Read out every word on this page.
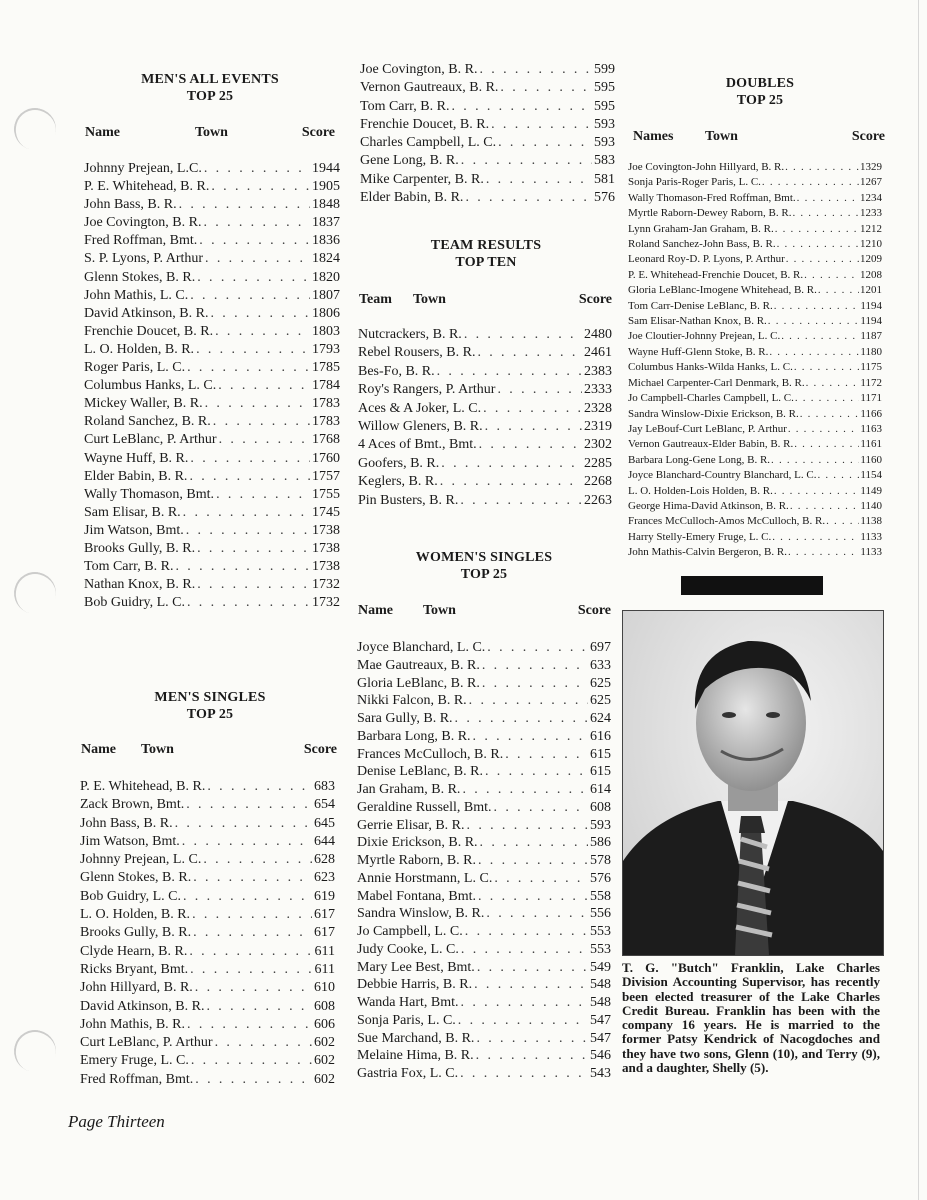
MEN'S ALL EVENTS
TOP 25
Name	Town	Score
Johnny Prejean, L.C. . . .	1944
P. E. Whitehead, B. R. . . .	1905
John Bass, B. R. . . .	1848
Joe Covington, B. R. . . .	1837
Fred Roffman, Bmt. . . .	1836
S. P. Lyons, P. Arthur . . .	1824
Glenn Stokes, B. R. . . .	1820
John Mathis, L. C. . . .	1807
David Atkinson, B. R. . . .	1806
Frenchie Doucet, B. R. . . .	1803
L. O. Holden, B. R. . . .	1793
Roger Paris, L. C. . . .	1785
Columbus Hanks, L. C. . . .	1784
Mickey Waller, B. R. . . .	1783
Roland Sanchez, B. R. . . .	1783
Curt LeBlanc, P. Arthur . . .	1768
Wayne Huff, B. R. . . .	1760
Elder Babin, B. R. . . .	1757
Wally Thomason, Bmt. . . .	1755
Sam Elisar, B. R. . . .	1745
Jim Watson, Bmt. . . .	1738
Brooks Gully, B. R. . . .	1738
Tom Carr, B. R. . . .	1738
Nathan Knox, B. R. . . .	1732
Bob Guidry, L. C. . . .	1732
MEN'S SINGLES
TOP 25
Name Town	Score
P. E. Whitehead, B. R. . . .	683
Zack Brown, Bmt. . . .	654
John Bass, B. R. . . .	645
Jim Watson, Bmt. . . .	644
Johnny Prejean, L. C. . . .	628
Glenn Stokes, B. R. . . .	623
Bob Guidry, L. C. . . .	619
L. O. Holden, B. R. . . .	617
Brooks Gully, B. R. . . .	617
Clyde Hearn, B. R. . . .	611
Ricks Bryant, Bmt. . . .	611
John Hillyard, B. R. . . .	610
David Atkinson, B. R. . . .	608
John Mathis, B. R. . . .	606
Curt LeBlanc, P. Arthur . . .	602
Emery Fruge, L. C. . . .	602
Fred Roffman, Bmt. . . .	602
Joe Covington, B. R. . . .	599
Vernon Gautreaux, B. R. . . .	595
Tom Carr, B. R. . . .	595
Frenchie Doucet, B. R. . . .	593
Charles Campbell, L. C. . . .	593
Gene Long, B. R. . . .	583
Mike Carpenter, B. R. . . .	581
Elder Babin, B. R. . . .	576
TEAM RESULTS
TOP TEN
Team Town	Score
Nutcrackers, B. R. . . .	2480
Rebel Rousers, B. R. . . .	2461
Bes-Fo, B. R. . . .	2383
Roy's Rangers, P. Arthur . . .	2333
Aces & A Joker, L. C. . . .	2328
Willow Gleners, B. R. . . .	2319
4 Aces of Bmt., Bmt. . . .	2302
Goofers, B. R. . . .	2285
Keglers, B. R. . . .	2268
Pin Busters, B. R. . . .	2263
WOMEN'S SINGLES
TOP 25
Name Town	Score
Joyce Blanchard, L. C. . . .	697
Mae Gautreaux, B. R. . . .	633
Gloria LeBlanc, B. R. . . .	625
Nikki Falcon, B. R. . . .	625
Sara Gully, B. R. . . .	624
Barbara Long, B. R. . . .	616
Frances McCulloch, B. R. . . .	615
Denise LeBlanc, B. R. . . .	615
Jan Graham, B. R. . . .	614
Geraldine Russell, Bmt. . . .	608
Gerrie Elisar, B. R. . . .	593
Dixie Erickson, B. R. . . .	586
Myrtle Raborn, B. R. . . .	578
Annie Horstmann, L. C. . . .	576
Mabel Fontana, Bmt. . . .	558
Sandra Winslow, B. R. . . .	556
Jo Campbell, L. C. . . .	553
Judy Cooke, L. C. . . .	553
Mary Lee Best, Bmt. . . .	549
Debbie Harris, B. R. . . .	548
Wanda Hart, Bmt. . . .	548
Sonja Paris, L. C. . . .	547
Sue Marchand, B. R. . . .	547
Melaine Hima, B. R. . . .	546
Gastria Fox, L. C. . . .	543
DOUBLES
TOP 25
Names Town	Score
Joe Covington-John Hillyard, B. R. . . .	1329
Sonja Paris-Roger Paris, L. C. . . .	1267
Wally Thomason-Fred Roffman, Bmt. . . .	1234
Myrtle Raborn-Dewey Raborn, B. R. . . .	1233
Lynn Graham-Jan Graham, B. R. . . .	1212
Roland Sanchez-John Bass, B. R. . . .	1210
Leonard Roy-D. P. Lyons, P. Arthur . . .	1209
P. E. Whitehead-Frenchie Doucet, B. R. . . .	1208
Gloria LeBlanc-Imogene Whitehead, B. R. . . .	1201
Tom Carr-Denise LeBlanc, B. R. . . .	1194
Sam Elisar-Nathan Knox, B. R. . . .	1194
Joe Cloutier-Johnny Prejean, L. C. . . .	1187
Wayne Huff-Glenn Stoke, B. R. . . .	1180
Columbus Hanks-Wilda Hanks, L. C. . . .	1175
Michael Carpenter-Carl Denmark, B. R. . . .	1172
Jo Campbell-Charles Campbell, L. C. . . .	1171
Sandra Winslow-Dixie Erickson, B. R. . . .	1166
Jay LeBouf-Curt LeBlanc, P. Arthur . . .	1163
Vernon Gautreaux-Elder Babin, B. R. . . .	1161
Barbara Long-Gene Long, B. R. . . .	1160
Joyce Blanchard-Country Blanchard, L. C. . . .	1154
L. O. Holden-Lois Holden, B. R. . . .	1149
George Hima-David Atkinson, B. R. . . .	1140
Frances McCulloch-Amos McCulloch, B. R. . . .	1138
Harry Stelly-Emery Fruge, L. C. . . .	1133
John Mathis-Calvin Bergeron, B. R. . . .	1133
T. G. "Butch" Franklin, Lake Charles Division Accounting Supervisor, has recently been elected treasurer of the Lake Charles Credit Bureau. Franklin has been with the company 16 years. He is married to the former Patsy Kendrick of Nacogdoches and they have two sons, Glenn (10), and Terry (9), and a daughter, Shelly (5).
Page Thirteen
